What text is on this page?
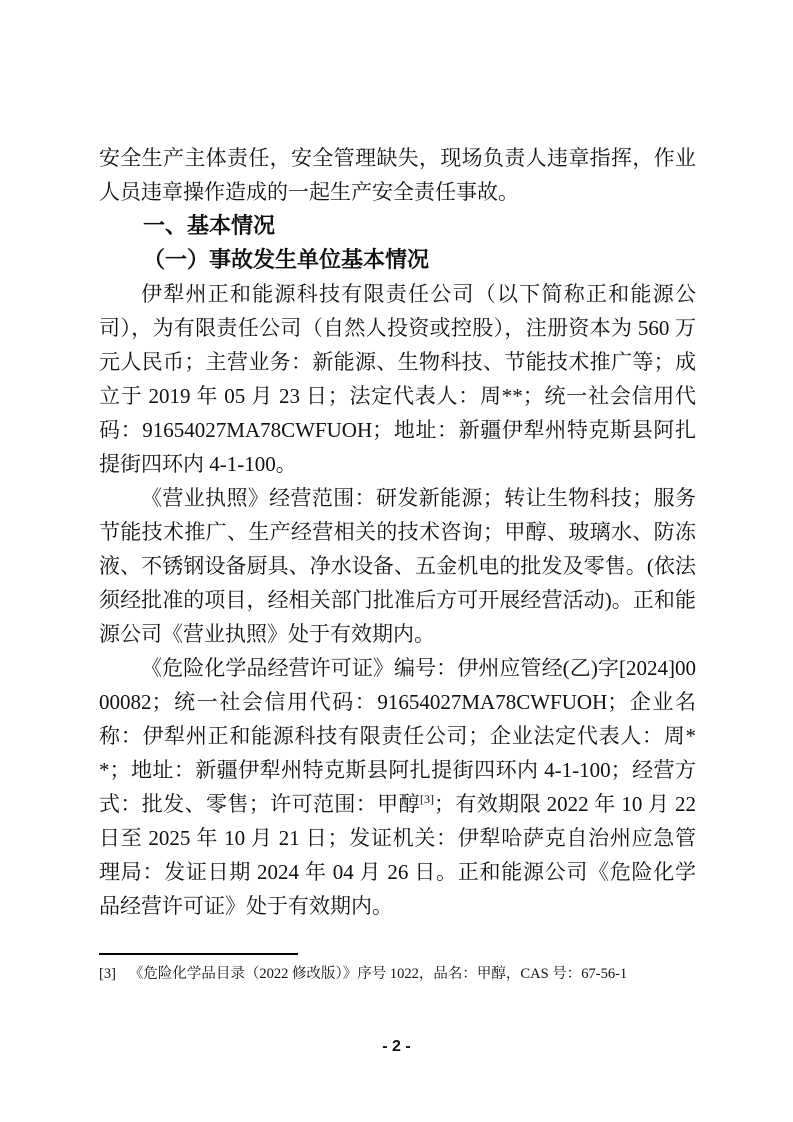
安全生产主体责任，安全管理缺失，现场负责人违章指挥，作业人员违章操作造成的一起生产安全责任事故。

一、基本情况
（一）事故发生单位基本情况

伊犁州正和能源科技有限责任公司（以下简称正和能源公司），为有限责任公司（自然人投资或控股），注册资本为 560 万元人民币；主营业务：新能源、生物科技、节能技术推广等；成立于 2019 年 05 月 23 日；法定代表人：周**；统一社会信用代码：91654027MA78CWFUOH；地址：新疆伊犁州特克斯县阿扎提街四环内 4-1-100。

《营业执照》经营范围：研发新能源；转让生物科技；服务节能技术推广、生产经营相关的技术咨询；甲醇、玻璃水、防冻液、不锈钢设备厨具、净水设备、五金机电的批发及零售。(依法须经批准的项目，经相关部门批准后方可开展经营活动)。正和能源公司《营业执照》处于有效期内。

《危险化学品经营许可证》编号：伊州应管经(乙)字[2024]0000082；统一社会信用代码：91654027MA78CWFUOH；企业名称：伊犁州正和能源科技有限责任公司；企业法定代表人：周**；地址：新疆伊犁州特克斯县阿扎提街四环内 4-1-100；经营方式：批发、零售；许可范围：甲醇[3]；有效期限 2022 年 10 月 22 日至 2025 年 10 月 21 日；发证机关：伊犁哈萨克自治州应急管理局：发证日期 2024 年 04 月 26 日。正和能源公司《危险化学品经营许可证》处于有效期内。

[3] 《危险化学品目录（2022 修改版）》序号 1022，品名：甲醇，CAS 号：67-56-1
- 2 -
